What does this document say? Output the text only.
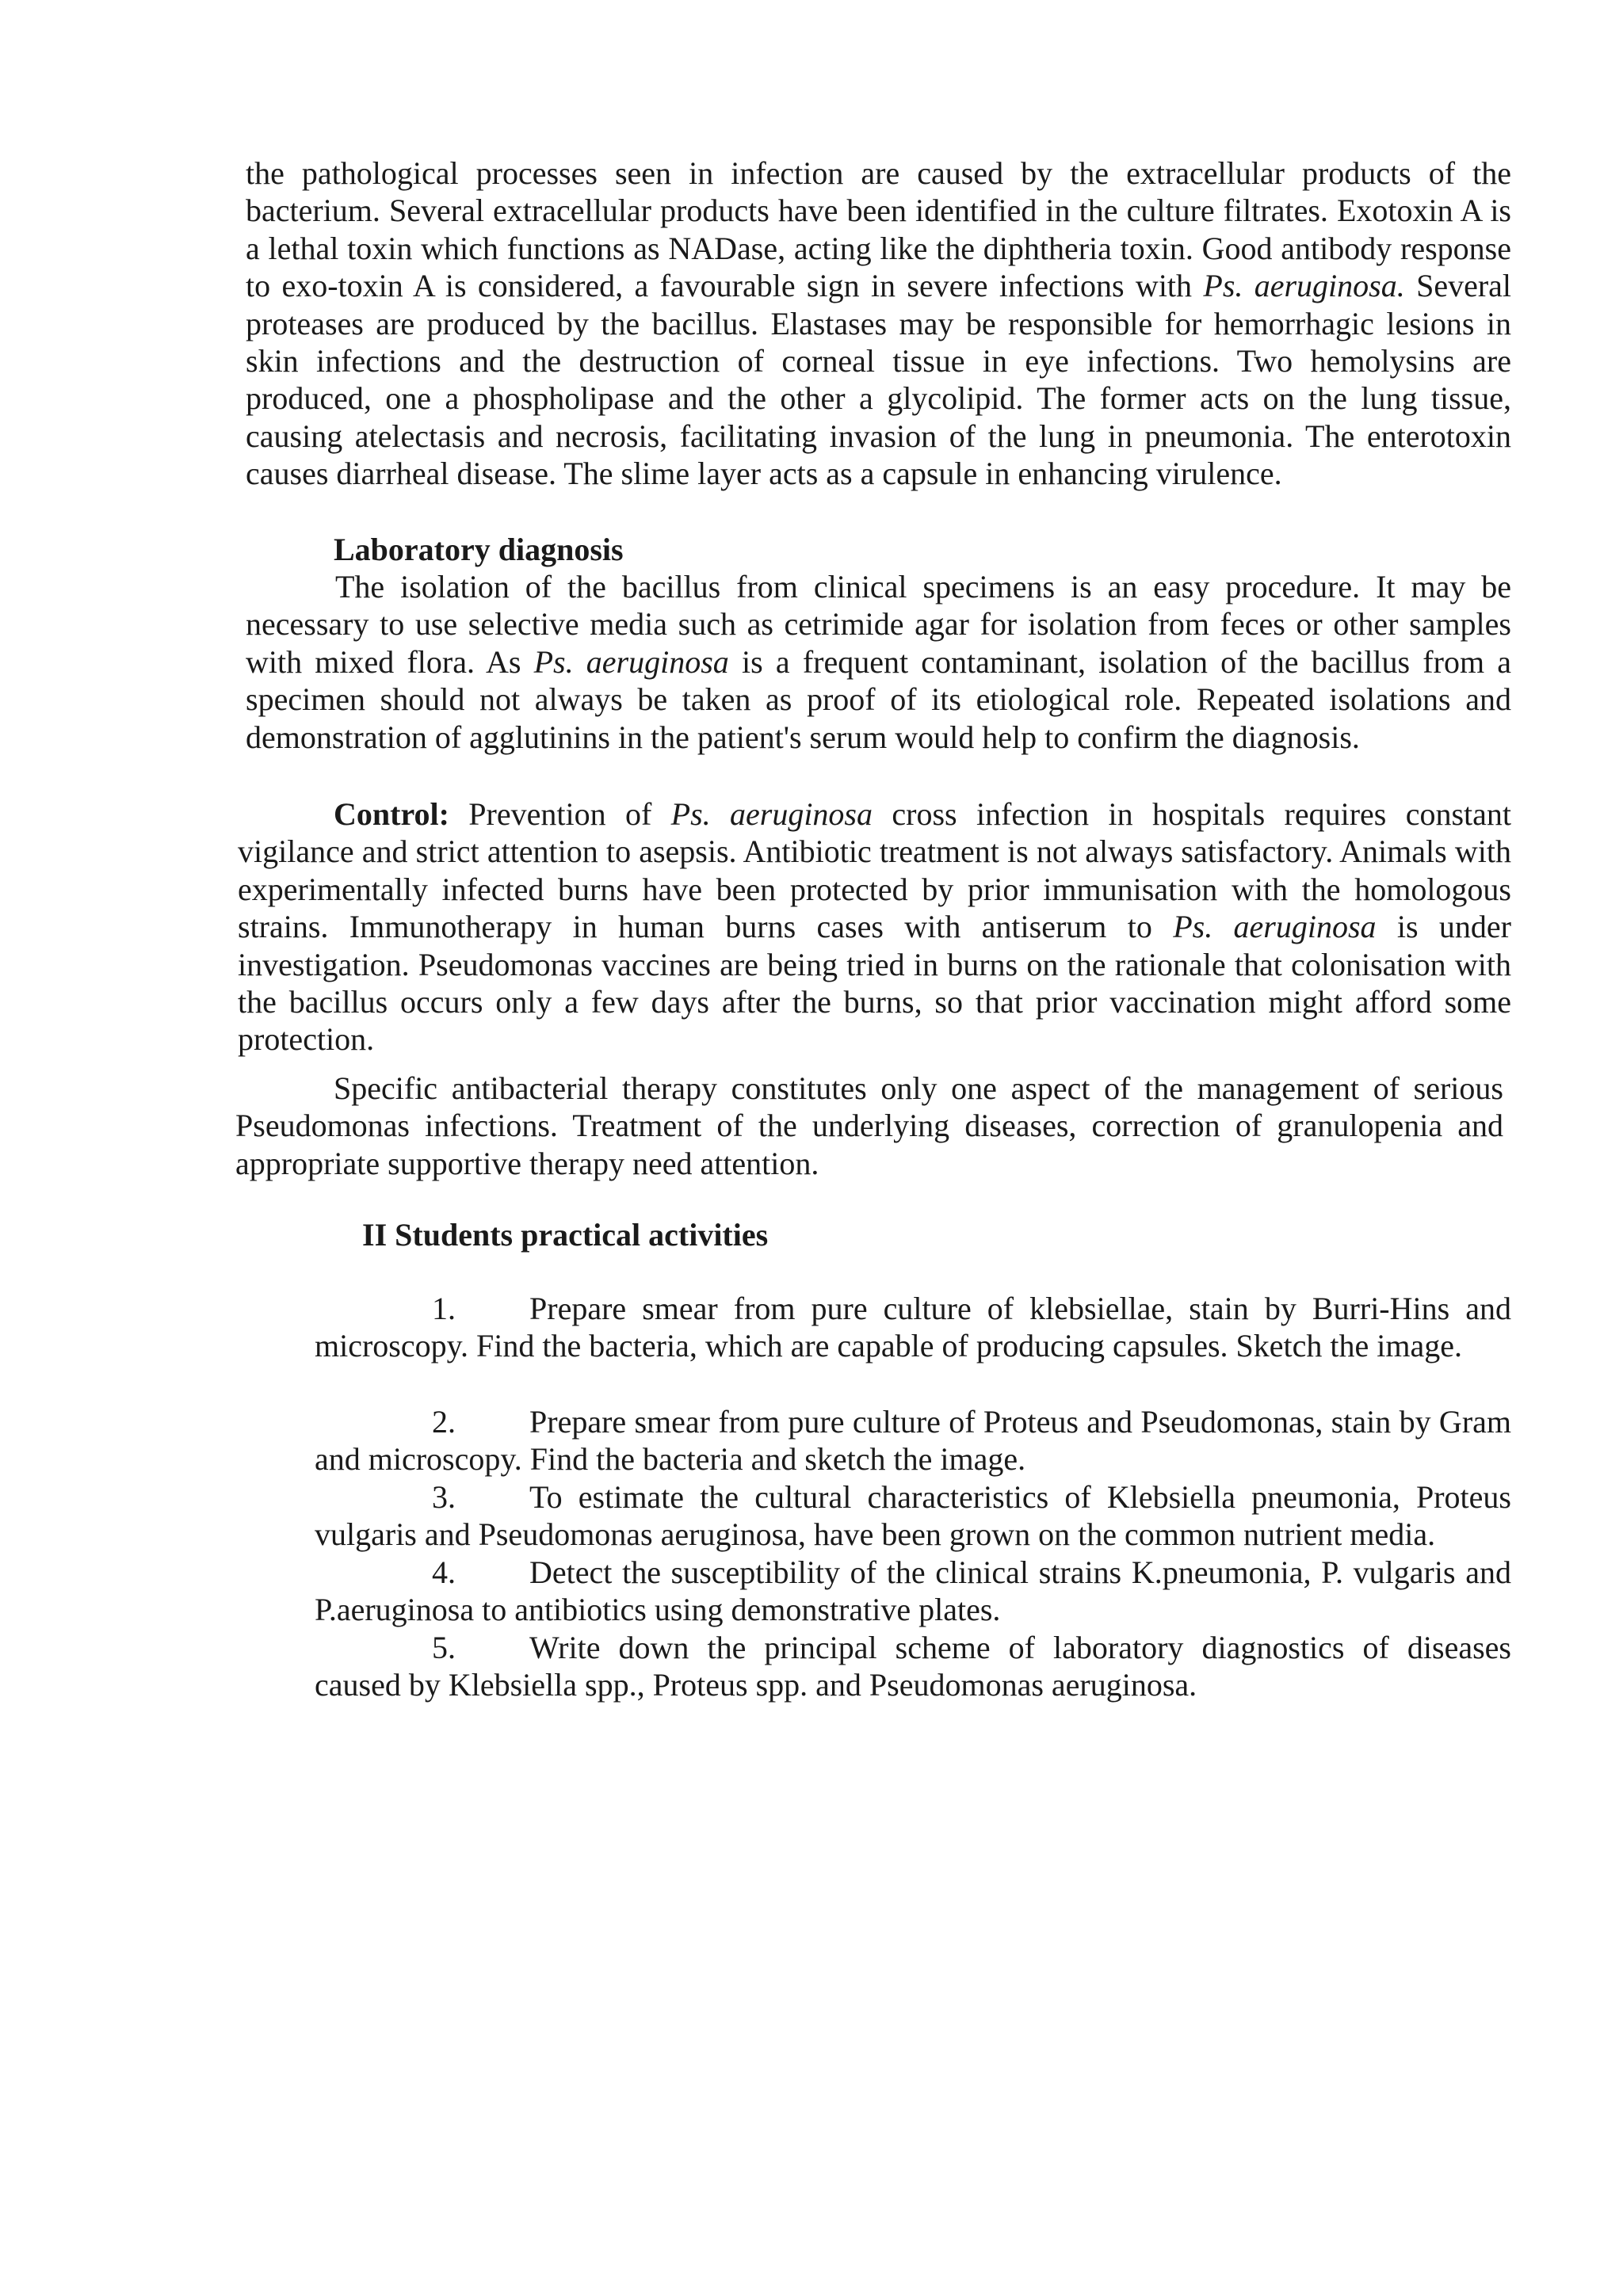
the pathological processes seen in infection are caused by the extracellular products of the bacterium. Several extracellular products have been identified in the culture filtrates. Exotoxin A is a lethal toxin which functions as NADase, acting like the diphtheria toxin. Good antibody response to exo-toxin A is considered, a favourable sign in severe infections with Ps. aeruginosa. Several proteases are produced by the bacillus. Elastases may be responsible for hemorrhagic lesions in skin infections and the destruction of corneal tissue in eye infections. Two hemolysins are produced, one a phospholipase and the other a glycolipid. The former acts on the lung tissue, causing atelectasis and necrosis, facilitating invasion of the lung in pneumonia. The enterotoxin causes diarrheal disease. The slime layer acts as a capsule in enhancing virulence.

Laboratory diagnosis

The isolation of the bacillus from clinical specimens is an easy procedure. It may be necessary to use selective media such as cetrimide agar for isolation from feces or other samples with mixed flora. As Ps. aeruginosa is a frequent contaminant, isolation of the bacillus from a specimen should not always be taken as proof of its etiological role. Repeated isolations and demonstration of agglutinins in the patient's serum would help to confirm the diagnosis.

Control: Prevention of Ps. aeruginosa cross infection in hospitals requires constant vigilance and strict attention to asepsis. Antibiotic treatment is not always satisfactory. Animals with experimentally infected burns have been protected by prior immunisation with the homologous strains. Immunotherapy in human burns cases with antiserum to Ps. aeruginosa is under investigation. Pseudomonas vaccines are being tried in burns on the rationale that colonisation with the bacillus occurs only a few days after the burns, so that prior vaccination might afford some protection.

Specific antibacterial therapy constitutes only one aspect of the management of serious Pseudomonas infections. Treatment of the underlying diseases, correction of granulopenia and appropriate supportive therapy need attention.

II Students practical activities

1. Prepare smear from pure culture of klebsiellae, stain by Burri-Hins and microscopy. Find the bacteria, which are capable of producing capsules. Sketch the image.

2. Prepare smear from pure culture of Proteus and Pseudomonas, stain by Gram and microscopy. Find the bacteria and sketch the image.

3. To estimate the cultural characteristics of Klebsiella pneumonia, Proteus vulgaris and Pseudomonas aeruginosa, have been grown on the common nutrient media.

4. Detect the susceptibility of the clinical strains K.pneumonia, P. vulgaris and P.aeruginosa to antibiotics using demonstrative plates.

5. Write down the principal scheme of laboratory diagnostics of diseases caused by Klebsiella spp., Proteus spp. and Pseudomonas aeruginosa.
